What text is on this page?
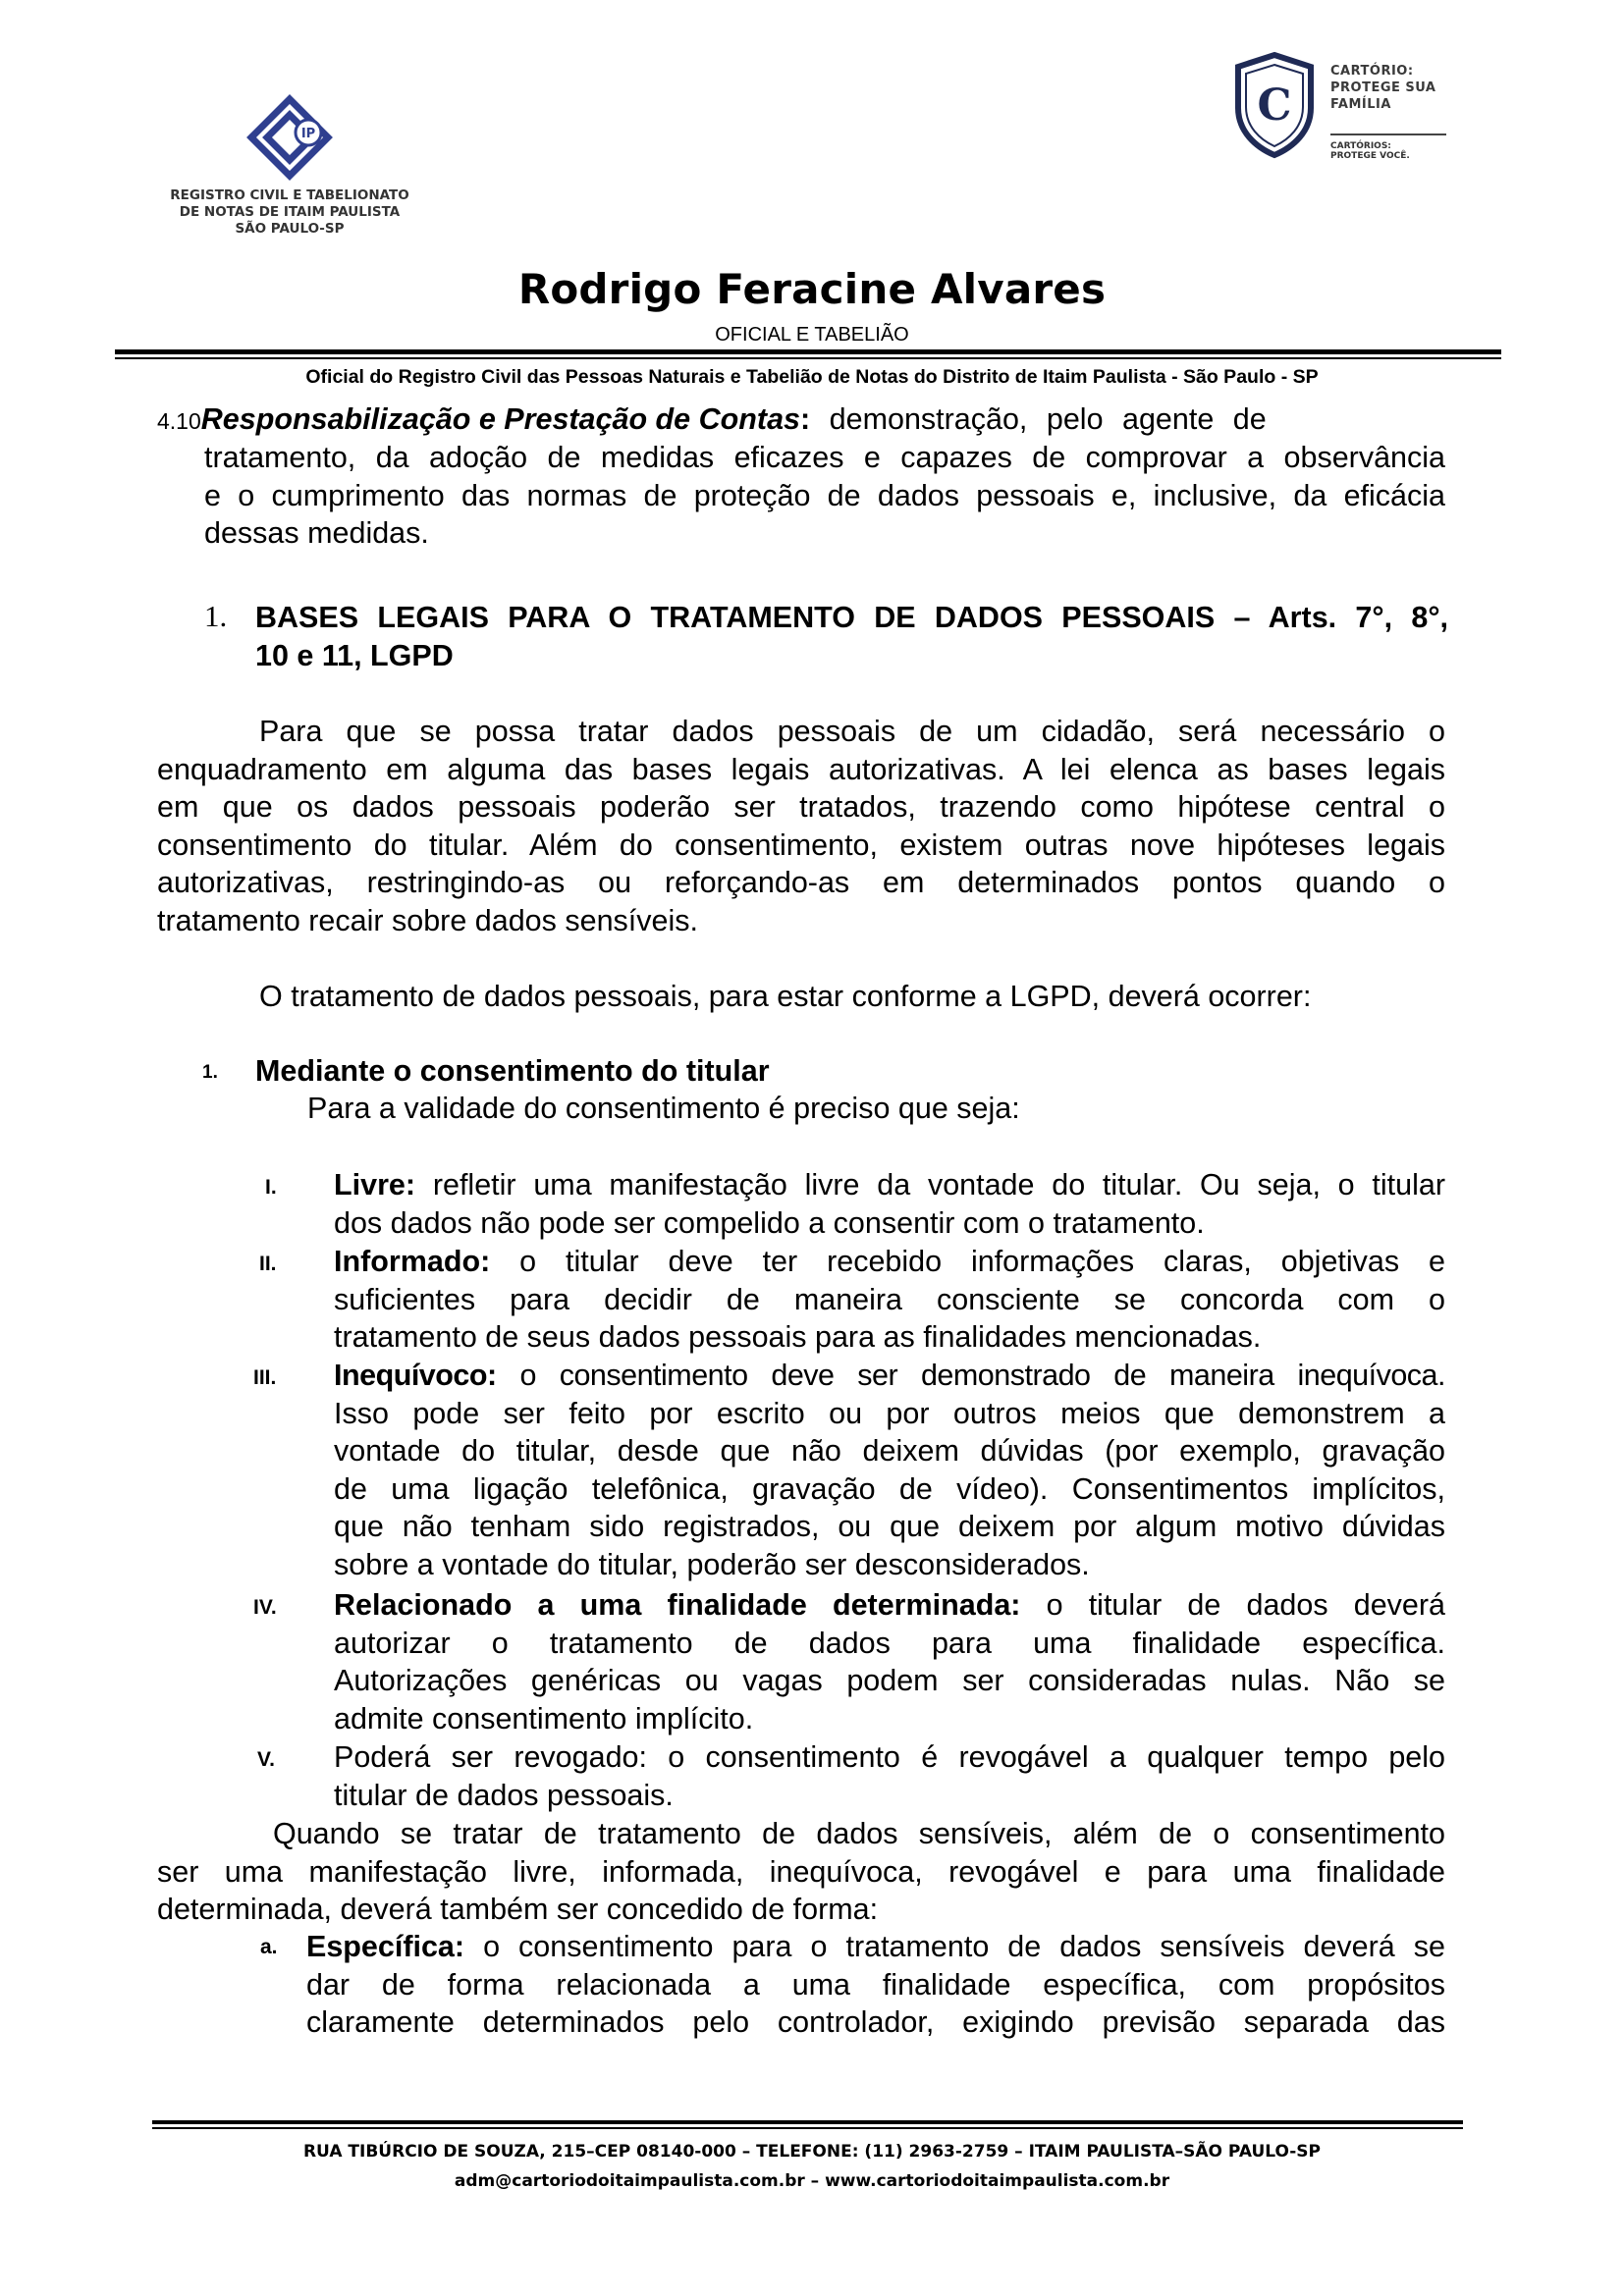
IP
REGISTRO CIVIL E TABELIONATO
DE NOTAS DE ITAIM PAULISTA
SÃO PAULO-SP
C
CARTÓRIO:
PROTEGE SUA
FAMÍLIA
CARTÓRIOS:
PROTEGE VOCÊ.
Rodrigo Feracine Alvares
OFICIAL E TABELIÃO
Oficial do Registro Civil das Pessoas Naturais e Tabelião de Notas do Distrito de Itaim Paulista - São Paulo - SP
4.10Responsabilização e Prestação de Contas: demonstração, pelo agente de
tratamento, da adoção de medidas eficazes e capazes de comprovar a observância
e o cumprimento das normas de proteção de dados pessoais e, inclusive, da eficácia
dessas medidas.
1. BASES LEGAIS PARA O TRATAMENTO DE DADOS PESSOAIS – Arts. 7°, 8°,
10 e 11, LGPD
Para que se possa tratar dados pessoais de um cidadão, será necessário o
enquadramento em alguma das bases legais autorizativas. A lei elenca as bases legais
em que os dados pessoais poderão ser tratados, trazendo como hipótese central o
consentimento do titular. Além do consentimento, existem outras nove hipóteses legais
autorizativas, restringindo-as ou reforçando-as em determinados pontos quando o
tratamento recair sobre dados sensíveis.
O tratamento de dados pessoais, para estar conforme a LGPD, deverá ocorrer:
1. Mediante o consentimento do titular
Para a validade do consentimento é preciso que seja:
I. Livre: refletir uma manifestação livre da vontade do titular. Ou seja, o titular
dos dados não pode ser compelido a consentir com o tratamento.
II. Informado: o titular deve ter recebido informações claras, objetivas e
suficientes para decidir de maneira consciente se concorda com o
tratamento de seus dados pessoais para as finalidades mencionadas.
III. Inequívoco: o consentimento deve ser demonstrado de maneira inequívoca.
Isso pode ser feito por escrito ou por outros meios que demonstrem a
vontade do titular, desde que não deixem dúvidas (por exemplo, gravação
de uma ligação telefônica, gravação de vídeo). Consentimentos implícitos,
que não tenham sido registrados, ou que deixem por algum motivo dúvidas
sobre a vontade do titular, poderão ser desconsiderados.
IV. Relacionado a uma finalidade determinada: o titular de dados deverá
autorizar o tratamento de dados para uma finalidade específica.
Autorizações genéricas ou vagas podem ser consideradas nulas. Não se
admite consentimento implícito.
V. Poderá ser revogado: o consentimento é revogável a qualquer tempo pelo
titular de dados pessoais.
Quando se tratar de tratamento de dados sensíveis, além de o consentimento
ser uma manifestação livre, informada, inequívoca, revogável e para uma finalidade
determinada, deverá também ser concedido de forma:
a. Específica: o consentimento para o tratamento de dados sensíveis deverá se
dar de forma relacionada a uma finalidade específica, com propósitos
claramente determinados pelo controlador, exigindo previsão separada das
RUA TIBÚRCIO DE SOUZA, 215–CEP 08140-000 – TELEFONE: (11) 2963-2759 – ITAIM PAULISTA–SÃO PAULO-SP
adm@cartoriodoitaimpaulista.com.br – www.cartoriodoitaimpaulista.com.br
